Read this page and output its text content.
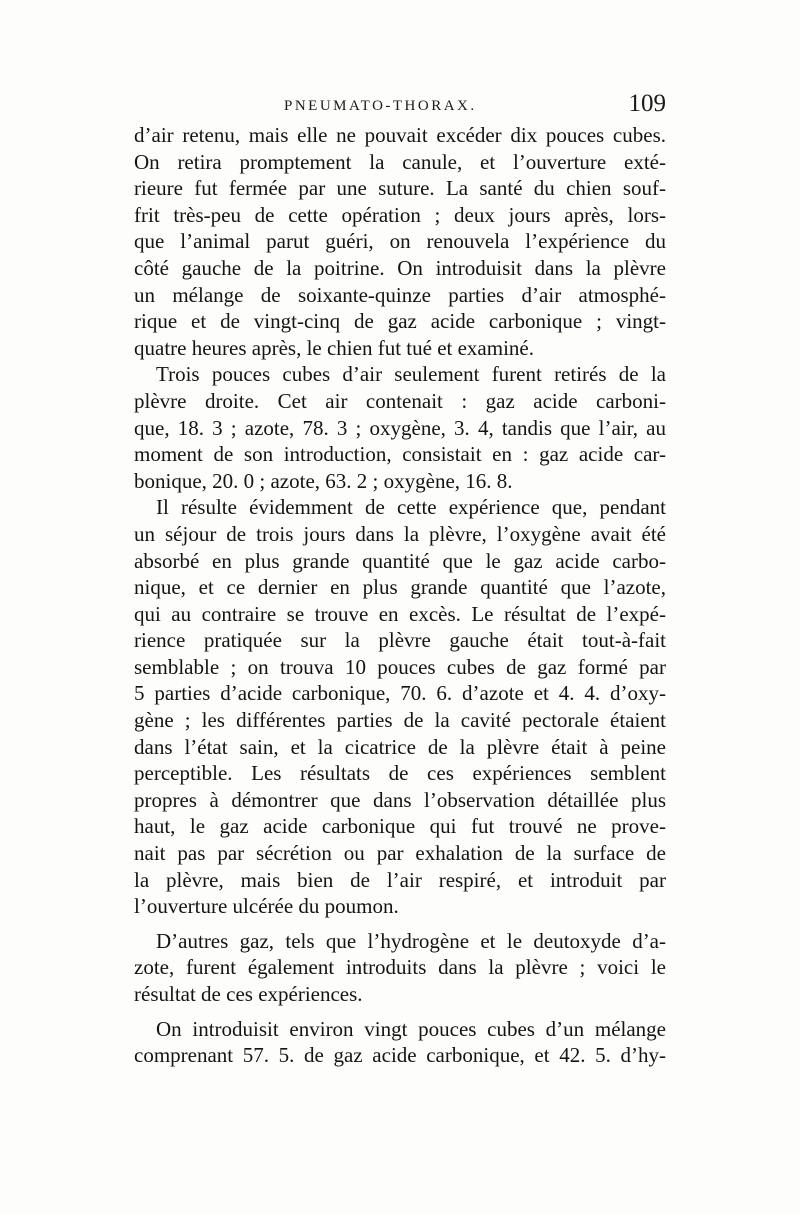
PNEUMATO-THORAX.	109
d’air retenu, mais elle ne pouvait excéder dix pouces cubes.
On retira promptement la canule, et l’ouverture exté-
rieure fut fermée par une suture. La santé du chien souf-
frit très-peu de cette opération ; deux jours après, lors-
que l’animal parut guéri, on renouvela l’expérience du
côté gauche de la poitrine. On introduisit dans la plèvre
un mélange de soixante-quinze parties d’air atmosphé-
rique et de vingt-cinq de gaz acide carbonique ; vingt-
quatre heures après, le chien fut tué et examiné.
Trois pouces cubes d’air seulement furent retirés de la
plèvre droite. Cet air contenait : gaz acide carboni-
que, 18. 3 ; azote, 78. 3 ; oxygène, 3. 4, tandis que l’air, au
moment de son introduction, consistait en : gaz acide car-
bonique, 20. 0 ; azote, 63. 2 ; oxygène, 16. 8.
Il résulte évidemment de cette expérience que, pendant
un séjour de trois jours dans la plèvre, l’oxygène avait été
absorbé en plus grande quantité que le gaz acide carbo-
nique, et ce dernier en plus grande quantité que l’azote,
qui au contraire se trouve en excès. Le résultat de l’expé-
rience pratiquée sur la plèvre gauche était tout-à-fait
semblable ; on trouva 10 pouces cubes de gaz formé par
5 parties d’acide carbonique, 70. 6. d’azote et 4. 4. d’oxy-
gène ; les différentes parties de la cavité pectorale étaient
dans l’état sain, et la cicatrice de la plèvre était à peine
perceptible. Les résultats de ces expériences semblent
propres à démontrer que dans l’observation détaillée plus
haut, le gaz acide carbonique qui fut trouvé ne prove-
nait pas par sécrétion ou par exhalation de la surface de
la plèvre, mais bien de l’air respiré, et introduit par
l’ouverture ulcérée du poumon.
D’autres gaz, tels que l’hydrogène et le deutoxyde d’a-
zote, furent également introduits dans la plèvre ; voici le
résultat de ces expériences.
On introduisit environ vingt pouces cubes d’un mélange
comprenant 57. 5. de gaz acide carbonique, et 42. 5. d’hy-
